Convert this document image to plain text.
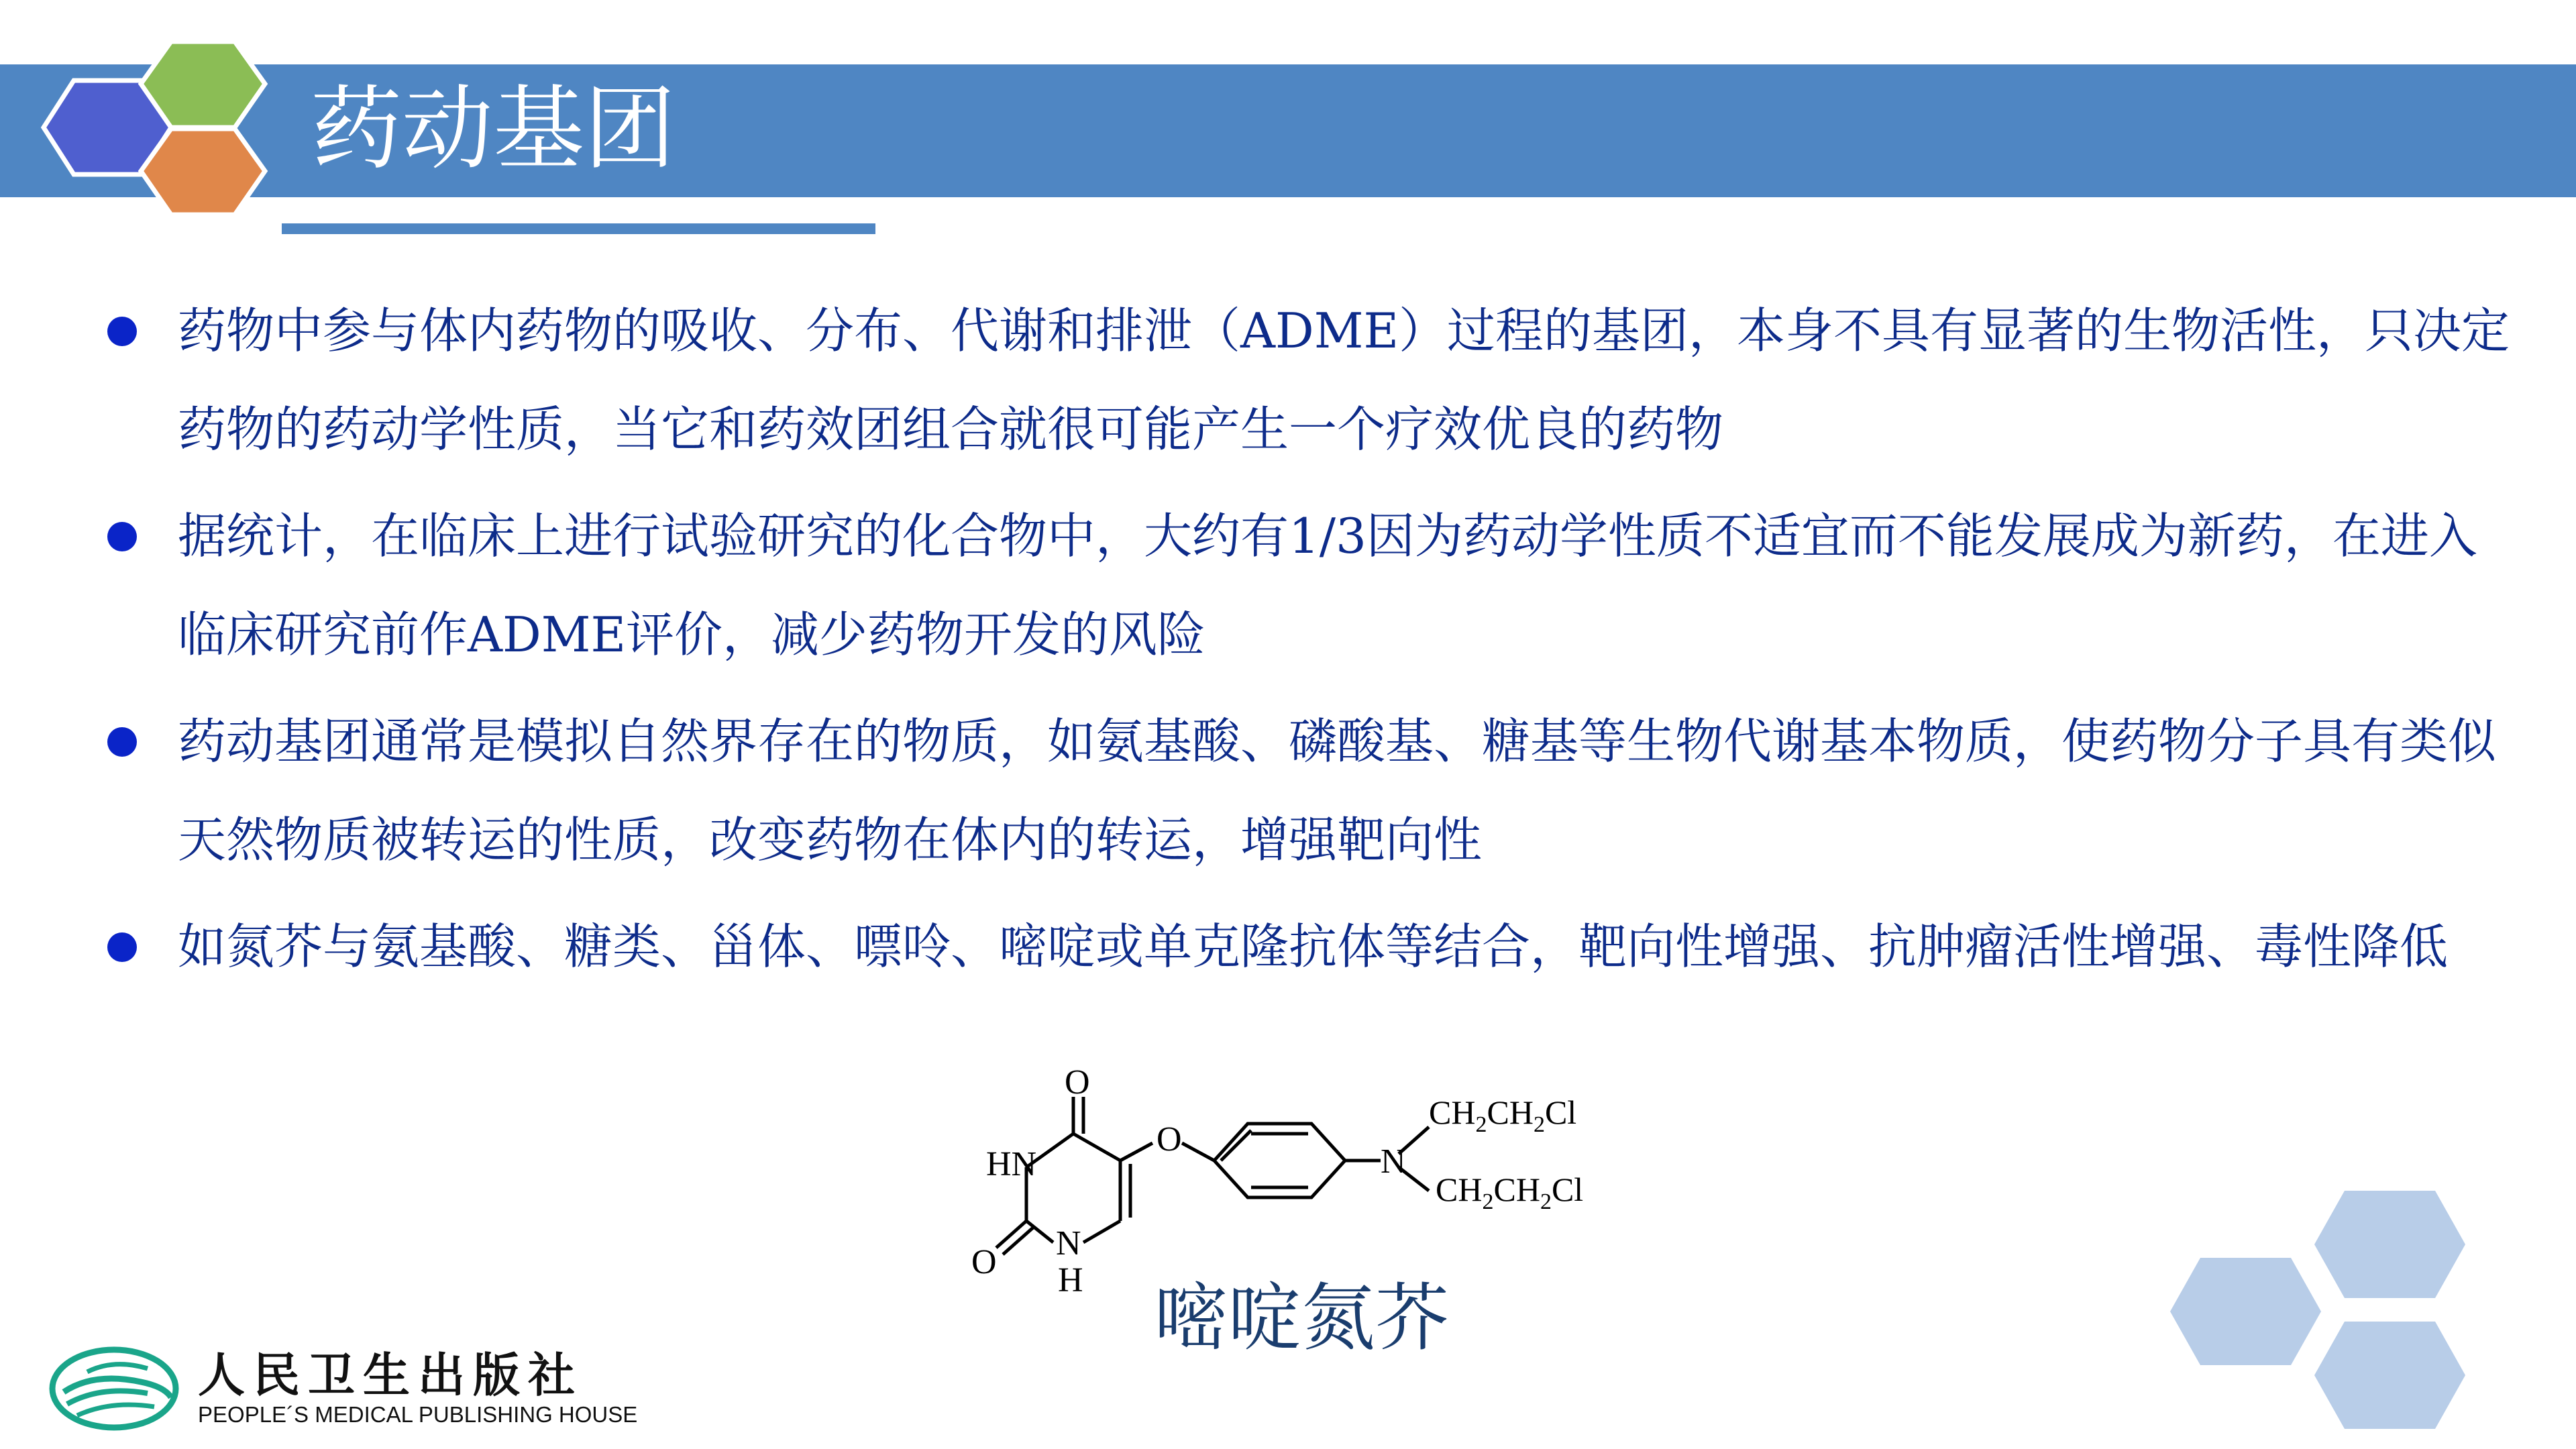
药动基团
药物中参与体内药物的吸收、分布、代谢和排泄（ADME）过程的基团，本身不具有显著的生物活性，只决定药物的药动学性质，当它和药效团组合就很可能产生一个疗效优良的药物
据统计，在临床上进行试验研究的化合物中，大约有1/3因为药动学性质不适宜而不能发展成为新药，在进入临床研究前作ADME评价，减少药物开发的风险
药动基团通常是模拟自然界存在的物质，如氨基酸、磷酸基、糖基等生物代谢基本物质，使药物分子具有类似天然物质被转运的性质，改变药物在体内的转运，增强靶向性
如氮芥与氨基酸、糖类、甾体、嘌呤、嘧啶或单克隆抗体等结合，靶向性增强、抗肿瘤活性增强、毒性降低
O
HN
O N
H
O
N
$CH_2CH_2Cl$
$CH_2CH_2Cl$
嘧啶氮芥
人民卫生出版社
PEOPLE´S MEDICAL PUBLISHING HOUSE
